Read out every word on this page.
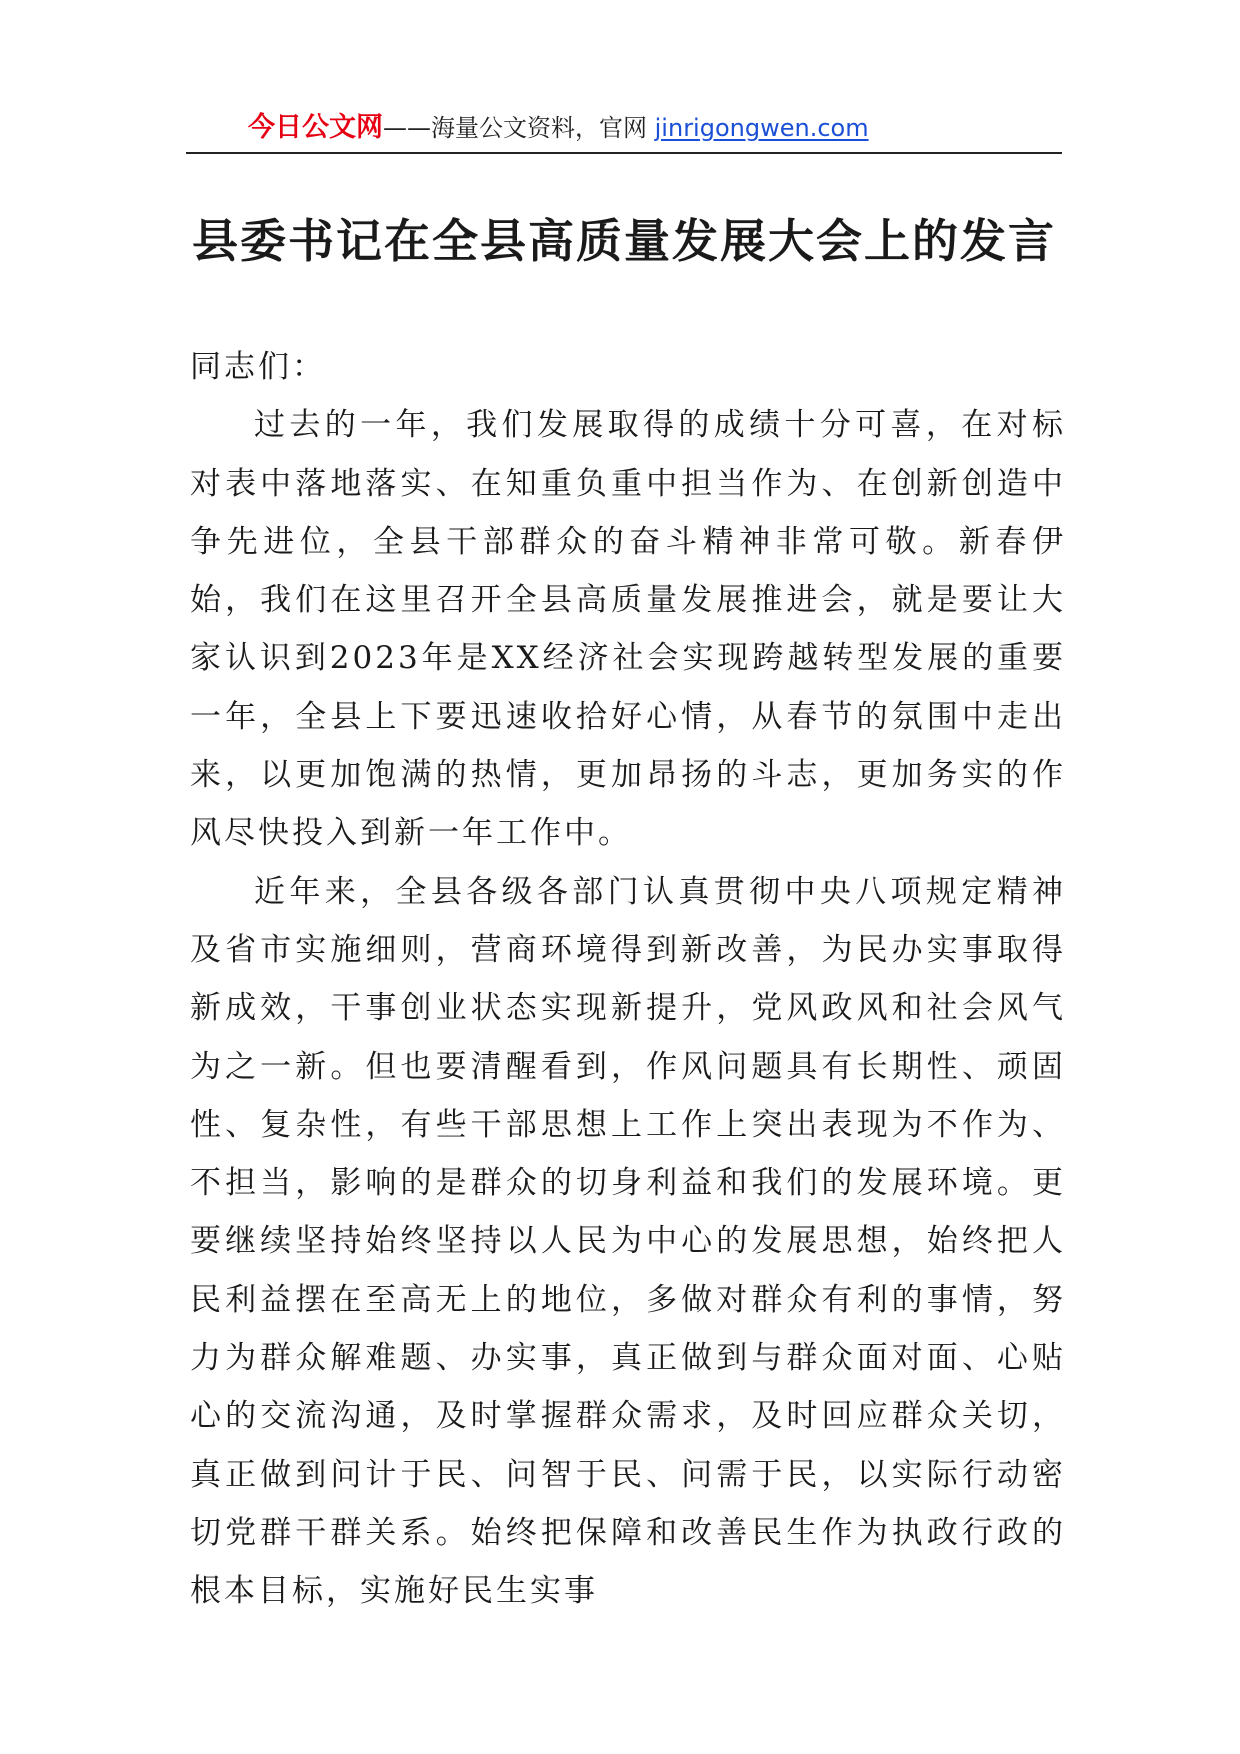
今日公文网——海量公文资料，官网 jinrigongwen.com
县委书记在全县高质量发展大会上的发言

同志们：

过去的一年，我们发展取得的成绩十分可喜，在对标对表中落地落实、在知重负重中担当作为、在创新创造中争先进位，全县干部群众的奋斗精神非常可敬。新春伊始，我们在这里召开全县高质量发展推进会，就是要让大家认识到2023年是XX经济社会实现跨越转型发展的重要一年，全县上下要迅速收拾好心情，从春节的氛围中走出来，以更加饱满的热情，更加昂扬的斗志，更加务实的作风尽快投入到新一年工作中。

近年来，全县各级各部门认真贯彻中央八项规定精神及省市实施细则，营商环境得到新改善，为民办实事取得新成效，干事创业状态实现新提升，党风政风和社会风气为之一新。但也要清醒看到，作风问题具有长期性、顽固性、复杂性，有些干部思想上工作上突出表现为不作为、不担当，影响的是群众的切身利益和我们的发展环境。更要继续坚持始终坚持以人民为中心的发展思想，始终把人民利益摆在至高无上的地位，多做对群众有利的事情，努力为群众解难题、办实事，真正做到与群众面对面、心贴心的交流沟通，及时掌握群众需求，及时回应群众关切，真正做到问计于民、问智于民、问需于民，以实际行动密切党群干群关系。始终把保障和改善民生作为执政行政的根本目标，实施好民生实事
